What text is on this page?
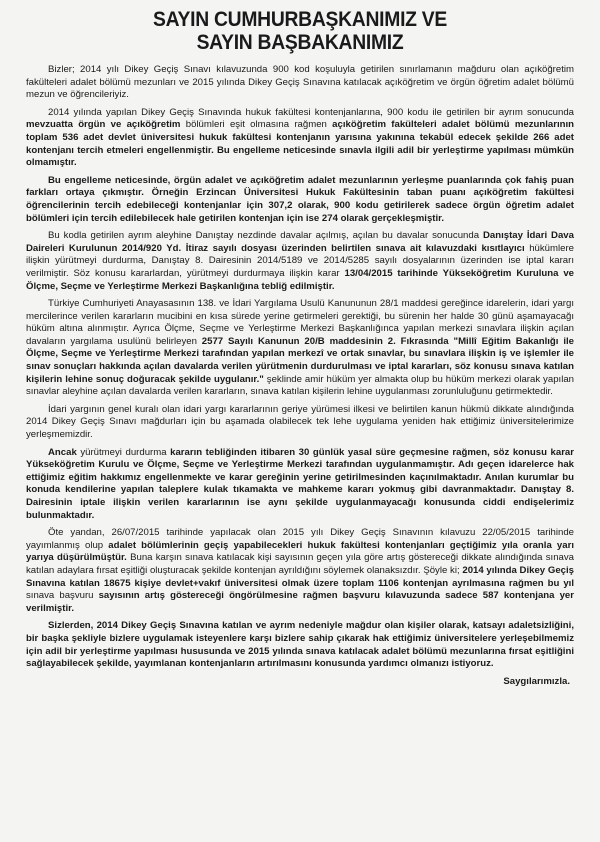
SAYIN CUMHURBAŞKANIMIZ VE
SAYIN BAŞBAKANIMIZ

Bizler; 2014 yılı Dikey Geçiş Sınavı kılavuzunda 900 kod koşuluyla getirilen sınırlamanın mağduru olan açıköğretim fakülteleri adalet bölümü mezunları ve 2015 yılında Dikey Geçiş Sınavına katılacak açıköğretim ve örgün öğretim adalet bölümü mezun ve öğrencileriyiz.

2014 yılında yapılan Dikey Geçiş Sınavında hukuk fakültesi kontenjanlarına, 900 kodu ile getirilen bir ayrım sonucunda mevzuatta örgün ve açıköğretim bölümleri eşit olmasına rağmen açıköğretim fakülteleri adalet bölümü mezunlarının toplam 536 adet devlet üniversitesi hukuk fakültesi kontenjanın yarısına yakınına tekabül edecek şekilde 266 adet kontenjanı tercih etmeleri engellenmiştir. Bu engelleme neticesinde sınavla ilgili adil bir yerleştirme yapılması mümkün olmamıştır.

Bu engelleme neticesinde, örgün adalet ve açıköğretim adalet mezunlarının yerleşme puanlarında çok fahiş puan farkları ortaya çıkmıştır. Örneğin Erzincan Üniversitesi Hukuk Fakültesinin taban puanı açıköğretim fakültesi öğrencilerinin tercih edebileceği kontenjanlar için 307,2 olarak, 900 kodu getirilerek sadece örgün öğretim adalet bölümleri için tercih edilebilecek hale getirilen kontenjan için ise 274 olarak gerçekleşmiştir.

Bu kodla getirilen ayrım aleyhine Danıştay nezdinde davalar açılmış, açılan bu davalar sonucunda Danıştay İdari Dava Daireleri Kurulunun 2014/920 Yd. İtiraz sayılı dosyası üzerinden belirtilen sınava ait kılavuzdaki kısıtlayıcı hükümlere ilişkin yürütmeyi durdurma, Danıştay 8. Dairesinin 2014/5189 ve 2014/5285 sayılı dosyalarının üzerinden ise iptal kararı verilmiştir. Söz konusu kararlardan, yürütmeyi durdurmaya ilişkin karar 13/04/2015 tarihinde Yükseköğretim Kuruluna ve Ölçme, Seçme ve Yerleştirme Merkezi Başkanlığına tebliğ edilmiştir.

Türkiye Cumhuriyeti Anayasasının 138. ve İdari Yargılama Usulü Kanununun 28/1 maddesi gereğince idarelerin, idari yargı mercilerince verilen kararların mucibini en kısa sürede yerine getirmeleri gerektiği, bu sürenin her halde 30 günü aşamayacağı hüküm altına alınmıştır. Ayrıca Ölçme, Seçme ve Yerleştirme Merkezi Başkanlığınca yapılan merkezi sınavlara ilişkin açılan davaların yargılama usulünü belirleyen 2577 Sayılı Kanunun 20/B maddesinin 2. Fıkrasında "Millî Eğitim Bakanlığı ile Ölçme, Seçme ve Yerleştirme Merkezi tarafından yapılan merkezî ve ortak sınavlar, bu sınavlara ilişkin iş ve işlemler ile sınav sonuçları hakkında açılan davalarda verilen yürütmenin durdurulması ve iptal kararları, söz konusu sınava katılan kişilerin lehine sonuç doğuracak şekilde uygulanır." şeklinde amir hüküm yer almakta olup bu hüküm merkezi olarak yapılan sınavlar aleyhine açılan davalarda verilen kararların, sınava katılan kişilerin lehine uygulanması zorunluluğunu getirmektedir.

İdari yargının genel kuralı olan idari yargı kararlarının geriye yürümesi ilkesi ve belirtilen kanun hükmü dikkate alındığında 2014 Dikey Geçiş Sınavı mağdurları için bu aşamada olabilecek tek lehe uygulama yeniden hak ettiğimiz üniversitelerimize yerleşmemizdir.

Ancak yürütmeyi durdurma kararın tebliğinden itibaren 30 günlük yasal süre geçmesine rağmen, söz konusu karar Yükseköğretim Kurulu ve Ölçme, Seçme ve Yerleştirme Merkezi tarafından uygulanmamıştır. Adı geçen idarelerce hak ettiğimiz eğitim hakkımız engellenmekte ve karar gereğinin yerine getirilmesinden kaçınılmaktadır. Anılan kurumlar bu konuda kendilerine yapılan taleplere kulak tıkamakta ve mahkeme kararı yokmuş gibi davranmaktadır. Danıştay 8. Dairesinin iptale ilişkin verilen kararlarının ise aynı şekilde uygulanmayacağı konusunda ciddi endişelerimiz bulunmaktadır.

Öte yandan, 26/07/2015 tarihinde yapılacak olan 2015 yılı Dikey Geçiş Sınavının kılavuzu 22/05/2015 tarihinde yayımlanmış olup adalet bölümlerinin geçiş yapabilecekleri hukuk fakültesi kontenjanları geçtiğimiz yıla oranla yarı yarıya düşürülmüştür. Buna karşın sınava katılacak kişi sayısının geçen yıla göre artış göstereceği dikkate alındığında sınava katılan adaylara fırsat eşitliği oluşturacak şekilde kontenjan ayrıldığını söylemek olanaksızdır. Şöyle ki; 2014 yılında Dikey Geçiş Sınavına katılan 18675 kişiye devlet+vakıf üniversitesi olmak üzere toplam 1106 kontenjan ayrılmasına rağmen bu yıl sınava başvuru sayısının artış göstereceği öngörülmesine rağmen başvuru kılavuzunda sadece 587 kontenjana yer verilmiştir.

Sizlerden, 2014 Dikey Geçiş Sınavına katılan ve ayrım nedeniyle mağdur olan kişiler olarak, katsayı adaletsizliğini, bir başka şekliyle bizlere uygulamak isteyenlere karşı bizlere sahip çıkarak hak ettiğimiz üniversitelere yerleşebilmemiz için adil bir yerleştirme yapılması hususunda ve 2015 yılında sınava katılacak adalet bölümü mezunlarına fırsat eşitliğini sağlayabilecek şekilde, yayımlanan kontenjanların artırılmasını konusunda yardımcı olmanızı istiyoruz.

Saygılarımızla.
